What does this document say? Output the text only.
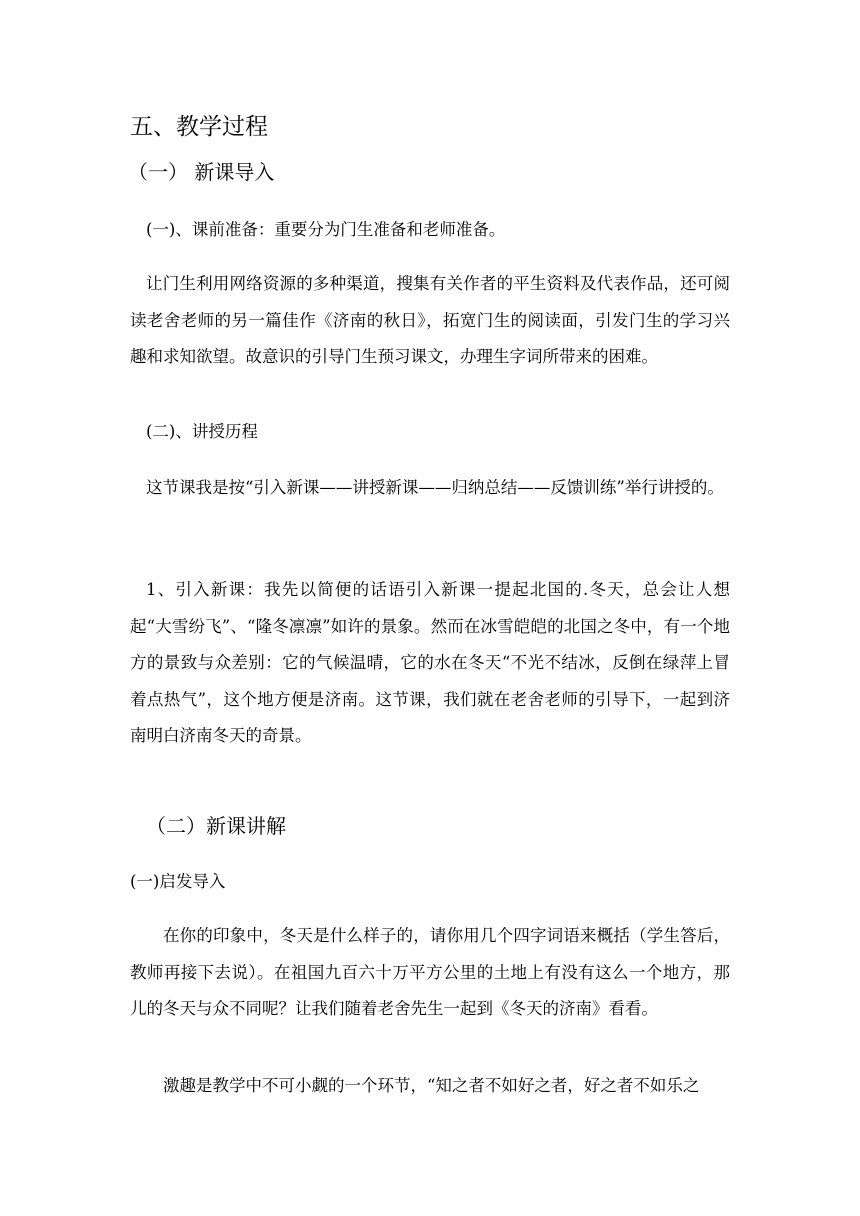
五、教学过程
（一） 新课导入
(一)、课前准备：重要分为门生准备和老师准备。
让门生利用网络资源的多种渠道，搜集有关作者的平生资料及代表作品，还可阅读老舍老师的另一篇佳作《济南的秋日》，拓宽门生的阅读面，引发门生的学习兴趣和求知欲望。故意识的引导门生预习课文，办理生字词所带来的困难。
(二)、讲授历程
这节课我是按“引入新课——讲授新课——归纳总结——反馈训练”举行讲授的。
1、引入新课：我先以简便的话语引入新课一提起北国的.冬天，总会让人想起“大雪纷飞”、“隆冬凛凛”如许的景象。然而在冰雪皑皑的北国之冬中，有一个地方的景致与众差别：它的气候温晴，它的水在冬天“不光不结冰，反倒在绿萍上冒着点热气”，这个地方便是济南。这节课，我们就在老舍老师的引导下，一起到济南明白济南冬天的奇景。
（二）新课讲解
(一)启发导入
在你的印象中，冬天是什么样子的，请你用几个四字词语来概括（学生答后，教师再接下去说）。在祖国九百六十万平方公里的土地上有没有这么一个地方，那儿的冬天与众不同呢？让我们随着老舍先生一起到《冬天的济南》看看。
激趣是教学中不可小觑的一个环节，“知之者不如好之者，好之者不如乐之
